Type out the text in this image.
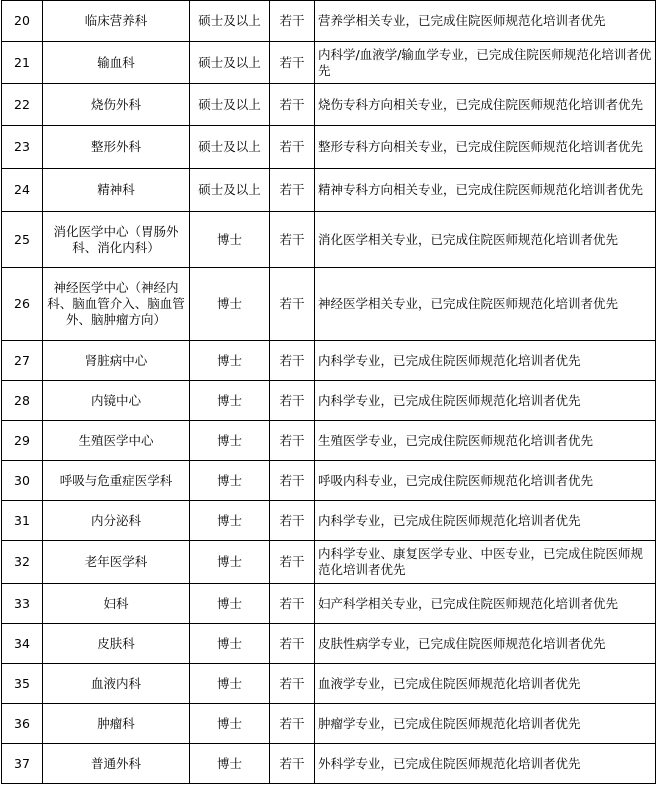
20	临床营养科	硕士及以上	若干	营养学相关专业，已完成住院医师规范化培训者优先
21	输血科	硕士及以上	若干	内科学/血液学/输血学专业，已完成住院医师规范化培训者优先
22	烧伤外科	硕士及以上	若干	烧伤专科方向相关专业，已完成住院医师规范化培训者优先
23	整形外科	硕士及以上	若干	整形专科方向相关专业，已完成住院医师规范化培训者优先
24	精神科	硕士及以上	若干	精神专科方向相关专业，已完成住院医师规范化培训者优先
25	消化医学中心（胃肠外科、消化内科）	博士	若干	消化医学相关专业，已完成住院医师规范化培训者优先
26	神经医学中心（神经内科、脑血管介入、脑血管外、脑肿瘤方向）	博士	若干	神经医学相关专业，已完成住院医师规范化培训者优先
27	肾脏病中心	博士	若干	内科学专业，已完成住院医师规范化培训者优先
28	内镜中心	博士	若干	内科学专业，已完成住院医师规范化培训者优先
29	生殖医学中心	博士	若干	生殖医学专业，已完成住院医师规范化培训者优先
30	呼吸与危重症医学科	博士	若干	呼吸内科专业，已完成住院医师规范化培训者优先
31	内分泌科	博士	若干	内科学专业，已完成住院医师规范化培训者优先
32	老年医学科	博士	若干	内科学专业、康复医学专业、中医专业，已完成住院医师规范化培训者优先
33	妇科	博士	若干	妇产科学相关专业，已完成住院医师规范化培训者优先
34	皮肤科	博士	若干	皮肤性病学专业，已完成住院医师规范化培训者优先
35	血液内科	博士	若干	血液学专业，已完成住院医师规范化培训者优先
36	肿瘤科	博士	若干	肿瘤学专业，已完成住院医师规范化培训者优先
37	普通外科	博士	若干	外科学专业，已完成住院医师规范化培训者优先
